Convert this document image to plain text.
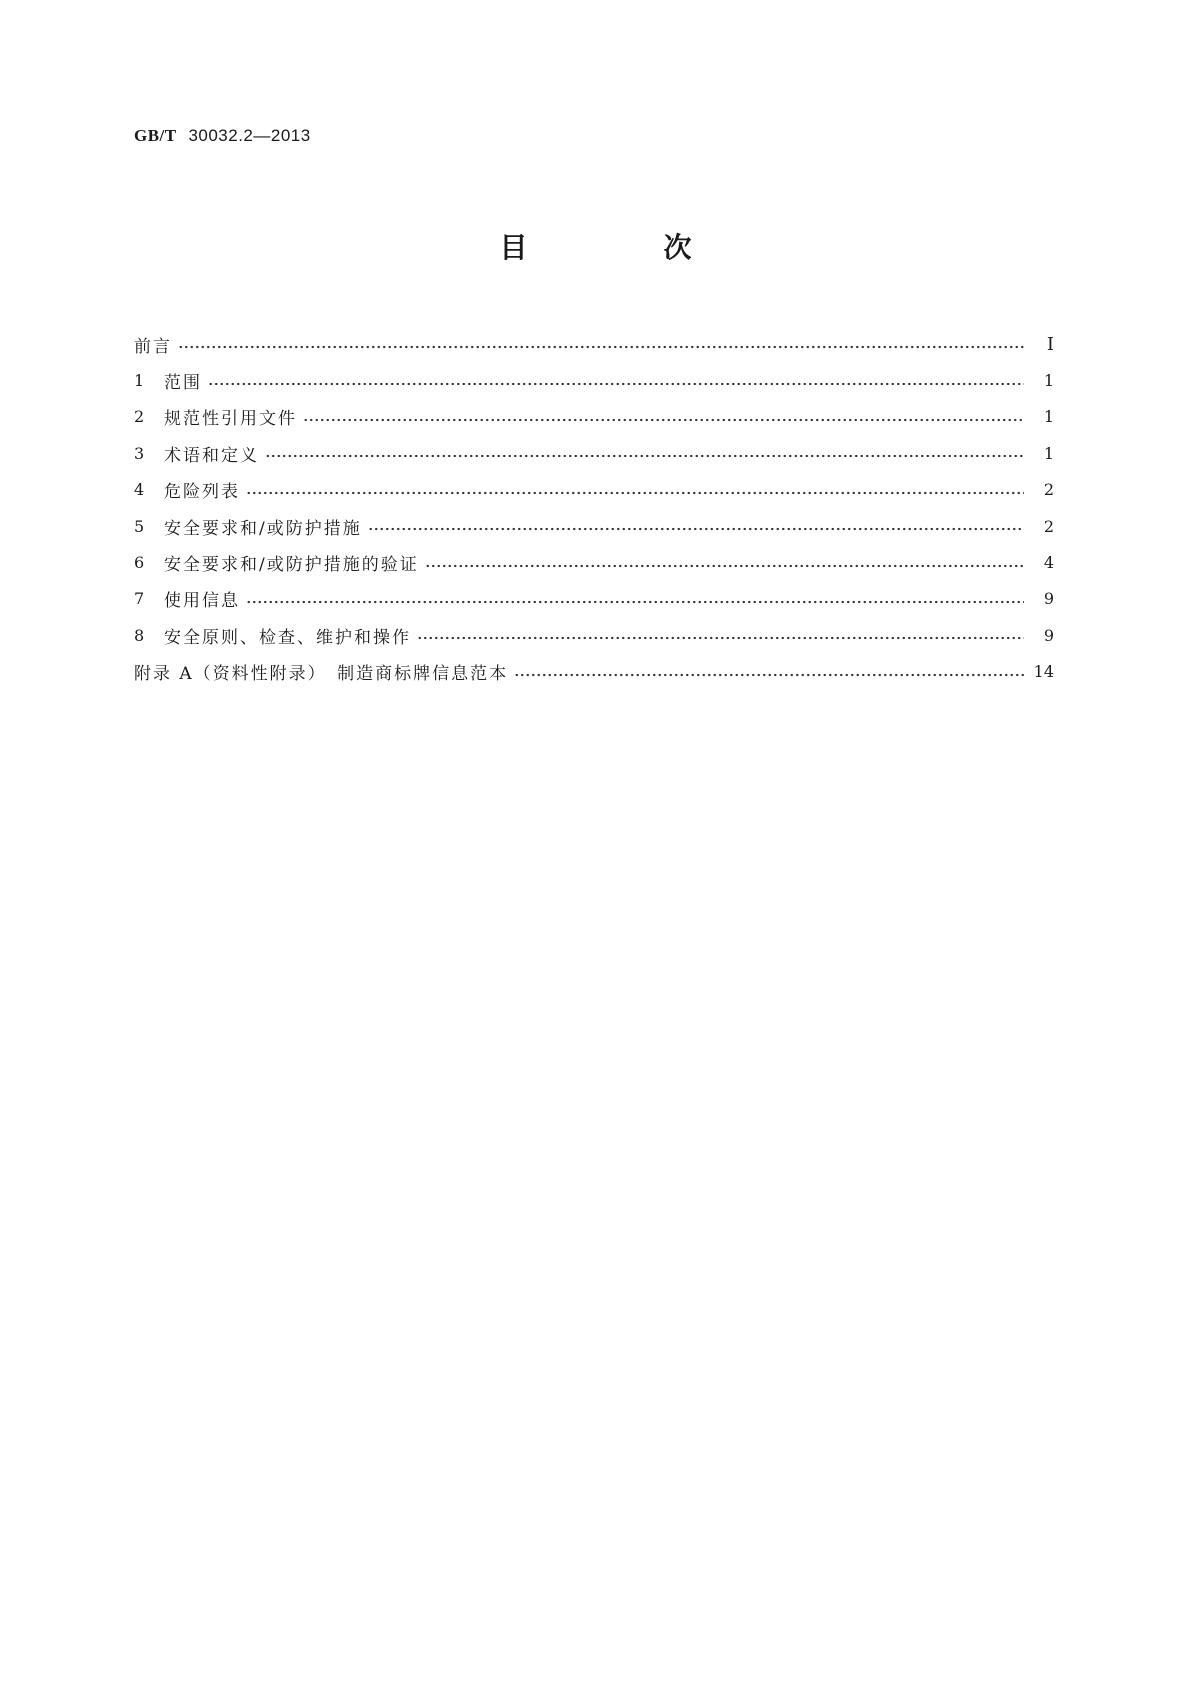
GB/T 30032.2—2013
目　次
前言	Ⅰ
1	范围	1
2	规范性引用文件	1
3	术语和定义	1
4	危险列表	2
5	安全要求和/或防护措施	2
6	安全要求和/或防护措施的验证	4
7	使用信息	9
8	安全原则、检查、维护和操作	9
附录 A（资料性附录）　制造商标牌信息范本	14
